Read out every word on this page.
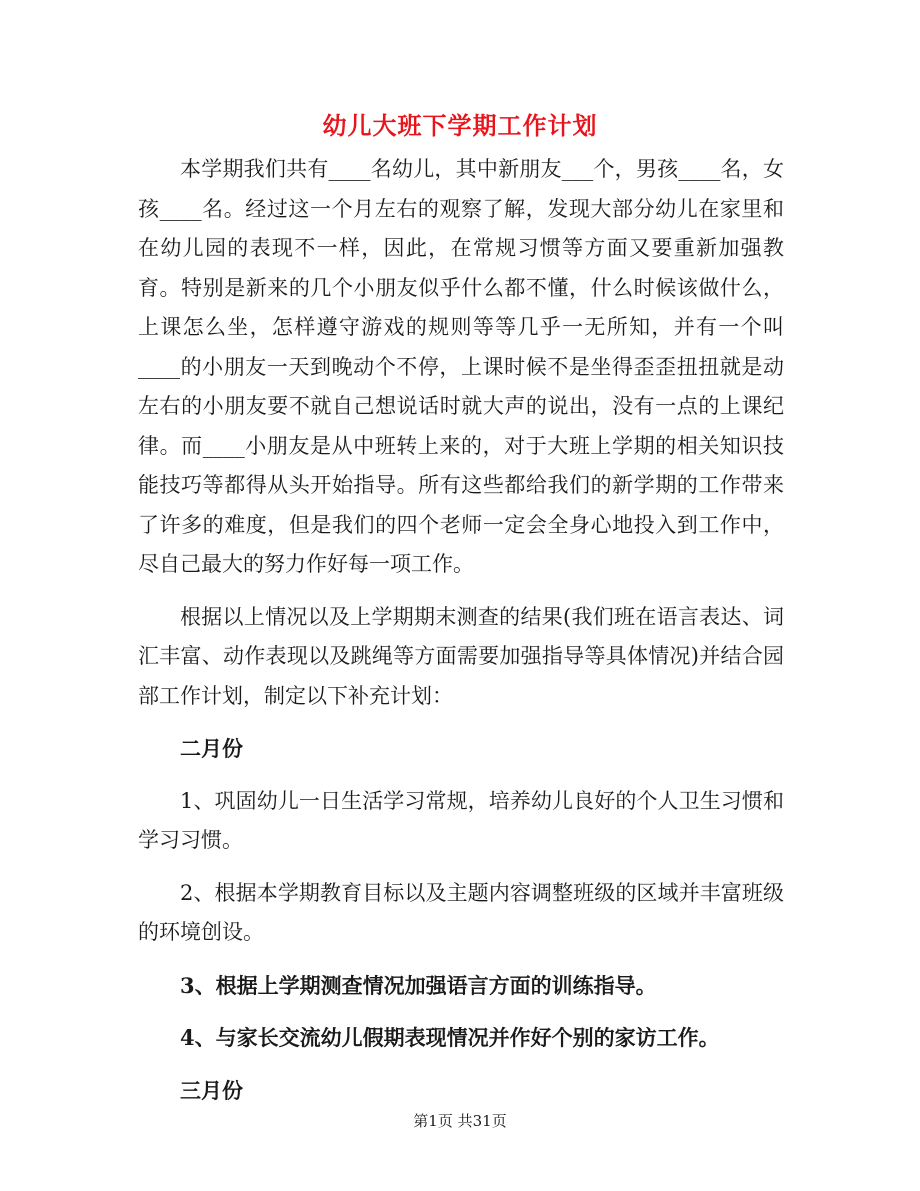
幼儿大班下学期工作计划

本学期我们共有____名幼儿，其中新朋友___个，男孩____名，女孩____名。经过这一个月左右的观察了解，发现大部分幼儿在家里和在幼儿园的表现不一样，因此，在常规习惯等方面又要重新加强教育。特别是新来的几个小朋友似乎什么都不懂，什么时候该做什么，上课怎么坐，怎样遵守游戏的规则等等几乎一无所知，并有一个叫____的小朋友一天到晚动个不停，上课时候不是坐得歪歪扭扭就是动左右的小朋友要不就自己想说话时就大声的说出，没有一点的上课纪律。而____小朋友是从中班转上来的，对于大班上学期的相关知识技能技巧等都得从头开始指导。所有这些都给我们的新学期的工作带来了许多的难度，但是我们的四个老师一定会全身心地投入到工作中，尽自己最大的努力作好每一项工作。

根据以上情况以及上学期期末测查的结果(我们班在语言表达、词汇丰富、动作表现以及跳绳等方面需要加强指导等具体情况)并结合园部工作计划，制定以下补充计划：

二月份

1、巩固幼儿一日生活学习常规，培养幼儿良好的个人卫生习惯和学习习惯。

2、根据本学期教育目标以及主题内容调整班级的区域并丰富班级的环境创设。

3、根据上学期测查情况加强语言方面的训练指导。

4、与家长交流幼儿假期表现情况并作好个别的家访工作。

三月份

第1页 共31页
